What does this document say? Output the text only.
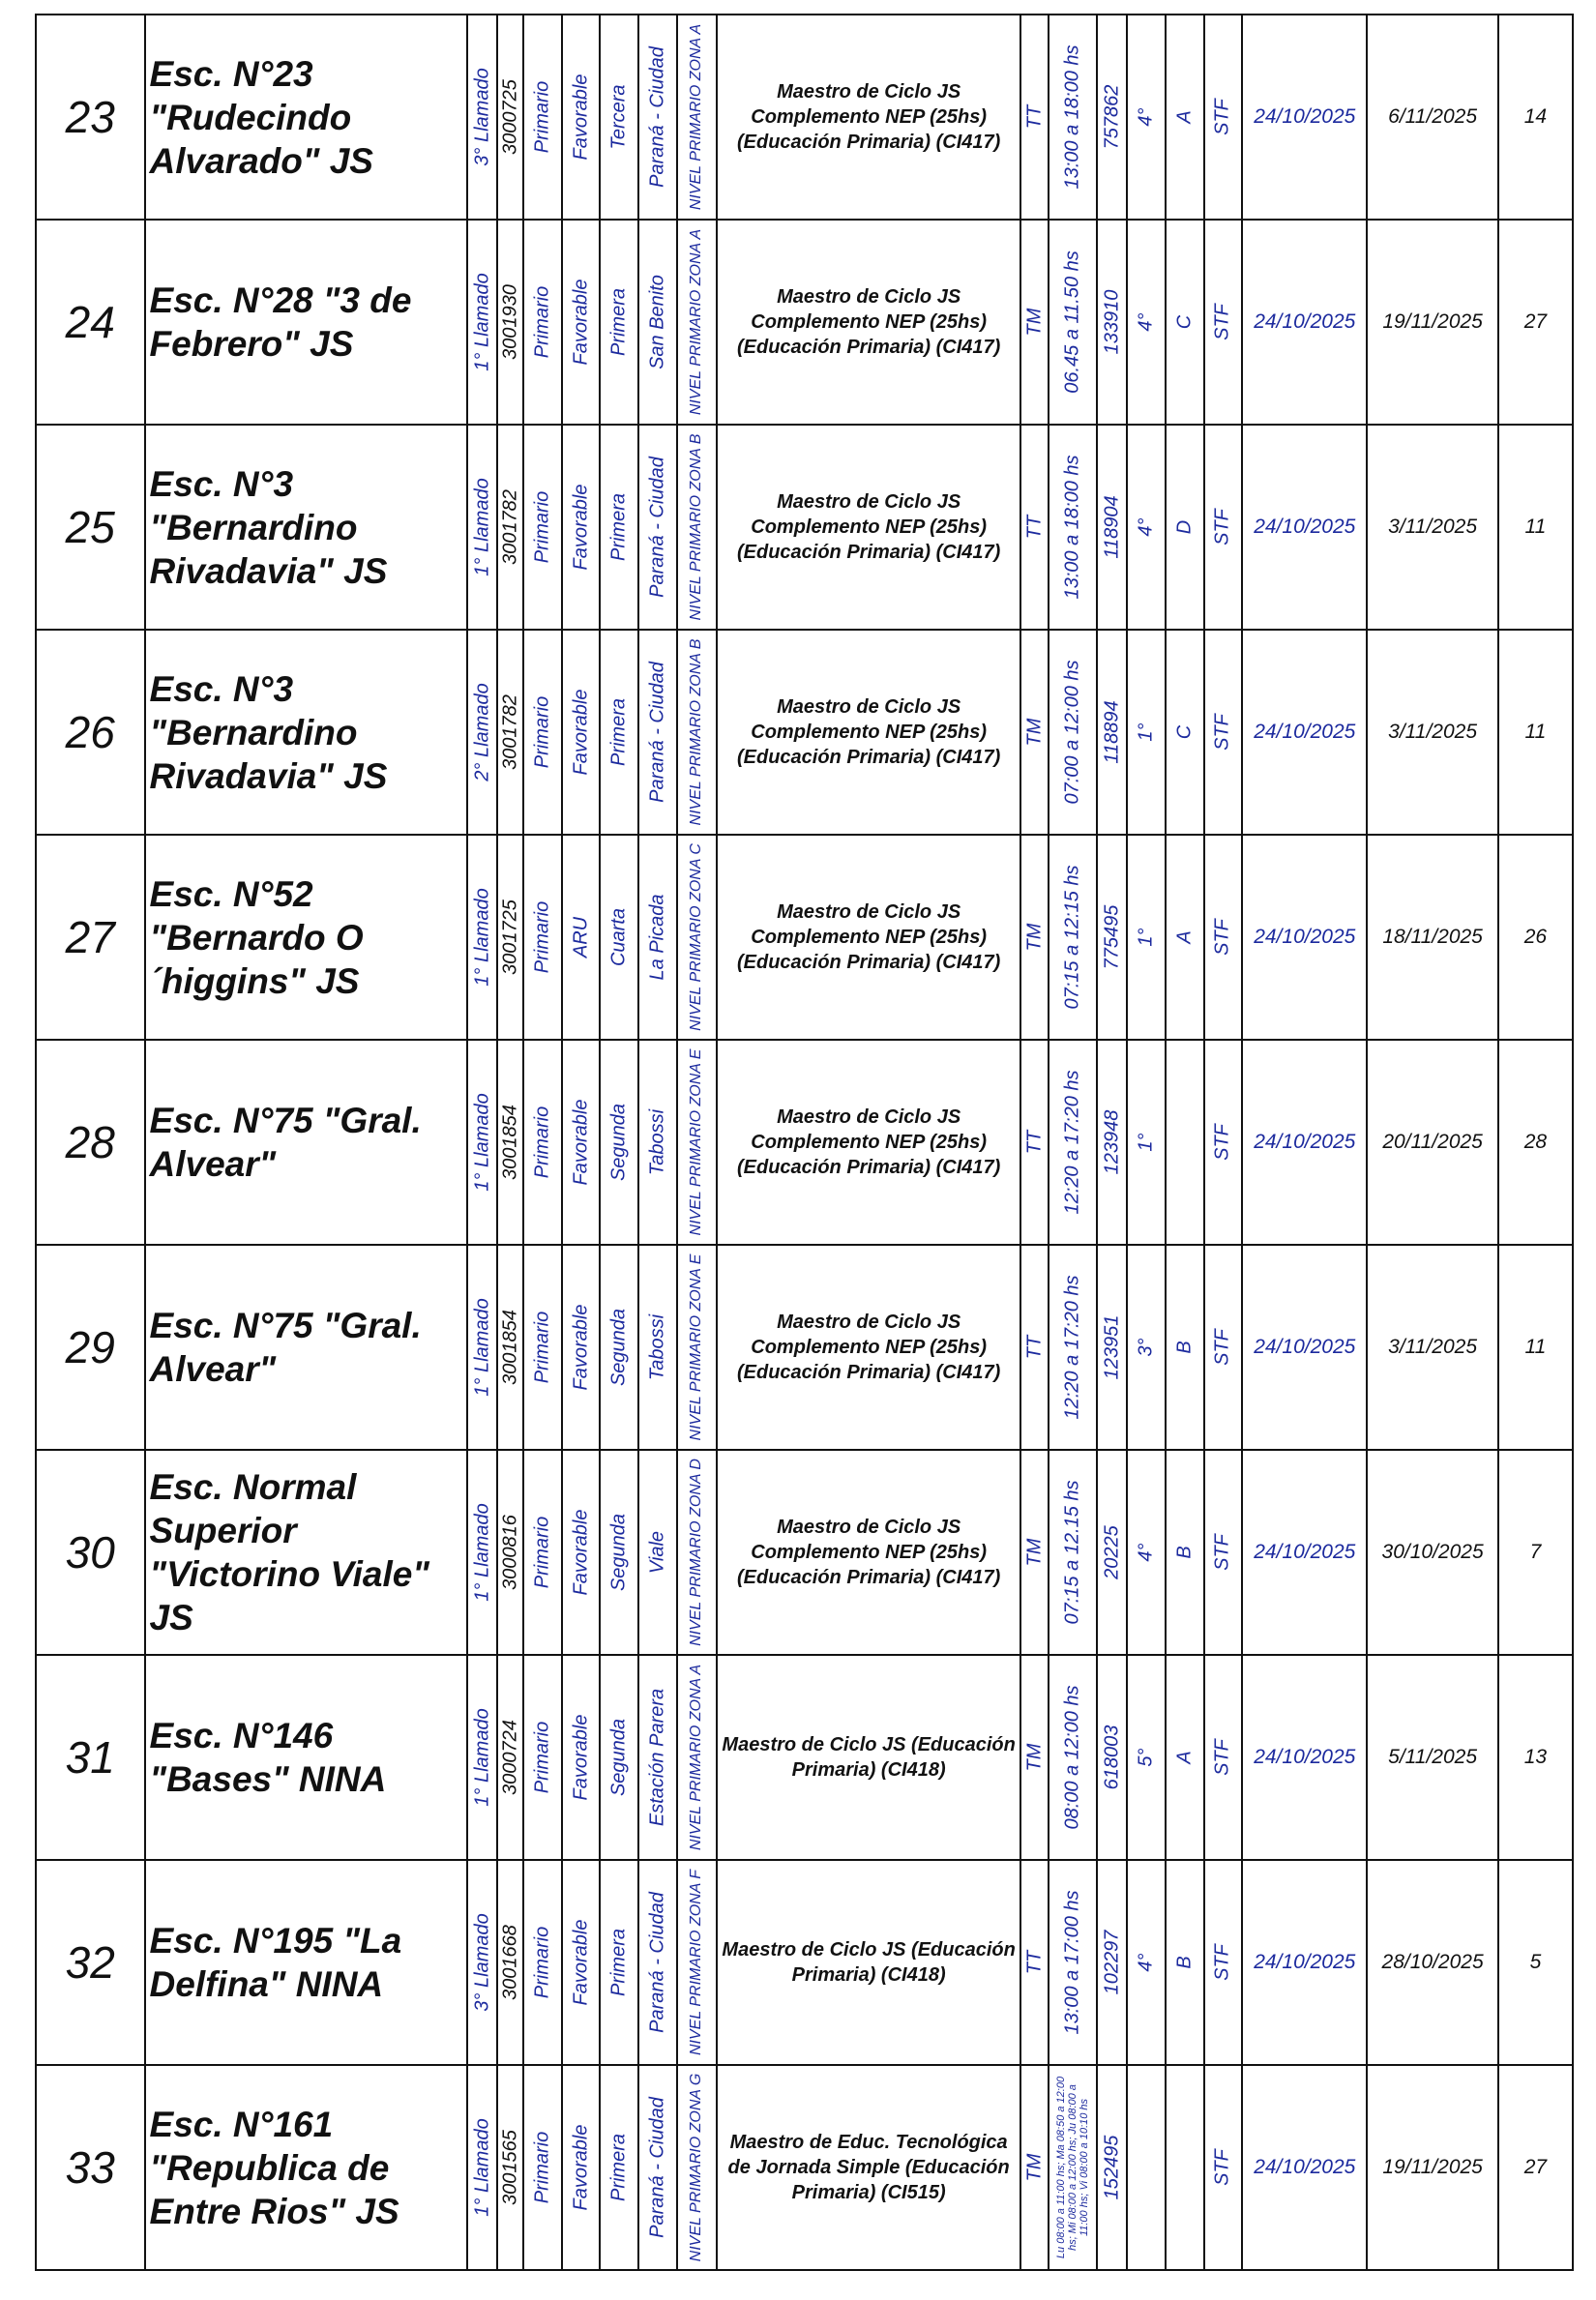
23	Esc. N°23 "Rudecindo Alvarado" JS	3° Llamado	3000725	Primario	Favorable	Tercera	Paraná - Ciudad	NIVEL PRIMARIO ZONA A	Maestro de Ciclo JS Complemento NEP (25hs) (Educación Primaria) (CI417)	TT	13:00 a 18:00 hs	757862	4°	A	STF	24/10/2025	6/11/2025	14
24	Esc. N°28 "3 de Febrero" JS	1° Llamado	3001930	Primario	Favorable	Primera	San Benito	NIVEL PRIMARIO ZONA A	Maestro de Ciclo JS Complemento NEP (25hs) (Educación Primaria) (CI417)	TM	06.45 a 11.50 hs	133910	4°	C	STF	24/10/2025	19/11/2025	27
25	Esc. N°3 "Bernardino Rivadavia" JS	1° Llamado	3001782	Primario	Favorable	Primera	Paraná - Ciudad	NIVEL PRIMARIO ZONA B	Maestro de Ciclo JS Complemento NEP (25hs) (Educación Primaria) (CI417)	TT	13:00 a 18:00 hs	118904	4°	D	STF	24/10/2025	3/11/2025	11
26	Esc. N°3 "Bernardino Rivadavia" JS	2° Llamado	3001782	Primario	Favorable	Primera	Paraná - Ciudad	NIVEL PRIMARIO ZONA B	Maestro de Ciclo JS Complemento NEP (25hs) (Educación Primaria) (CI417)	TM	07:00 a 12:00 hs	118894	1°	C	STF	24/10/2025	3/11/2025	11
27	Esc. N°52 "Bernardo O´higgins" JS	1° Llamado	3001725	Primario	ARU	Cuarta	La Picada	NIVEL PRIMARIO ZONA C	Maestro de Ciclo JS Complemento NEP (25hs) (Educación Primaria) (CI417)	TM	07:15 a 12:15 hs	775495	1°	A	STF	24/10/2025	18/11/2025	26
28	Esc. N°75 "Gral. Alvear"	1° Llamado	3001854	Primario	Favorable	Segunda	Tabossi	NIVEL PRIMARIO ZONA E	Maestro de Ciclo JS Complemento NEP (25hs) (Educación Primaria) (CI417)	TT	12:20 a 17:20 hs	123948	1°		STF	24/10/2025	20/11/2025	28
29	Esc. N°75 "Gral. Alvear"	1° Llamado	3001854	Primario	Favorable	Segunda	Tabossi	NIVEL PRIMARIO ZONA E	Maestro de Ciclo JS Complemento NEP (25hs) (Educación Primaria) (CI417)	TT	12:20 a 17:20 hs	123951	3°	B	STF	24/10/2025	3/11/2025	11
30	Esc. Normal Superior "Victorino Viale" JS	1° Llamado	3000816	Primario	Favorable	Segunda	Viale	NIVEL PRIMARIO ZONA D	Maestro de Ciclo JS Complemento NEP (25hs) (Educación Primaria) (CI417)	TM	07:15 a 12.15 hs	20225	4°	B	STF	24/10/2025	30/10/2025	7
31	Esc. N°146 "Bases" NINA	1° Llamado	3000724	Primario	Favorable	Segunda	Estación Parera	NIVEL PRIMARIO ZONA A	Maestro de Ciclo JS (Educación Primaria) (CI418)	TM	08:00 a 12:00 hs	618003	5°	A	STF	24/10/2025	5/11/2025	13
32	Esc. N°195 "La Delfina" NINA	3° Llamado	3001668	Primario	Favorable	Primera	Paraná - Ciudad	NIVEL PRIMARIO ZONA F	Maestro de Ciclo JS (Educación Primaria) (CI418)	TT	13:00 a 17:00 hs	102297	4°	B	STF	24/10/2025	28/10/2025	5
33	Esc. N°161 "Republica de Entre Rios" JS	1° Llamado	3001565	Primario	Favorable	Primera	Paraná - Ciudad	NIVEL PRIMARIO ZONA G	Maestro de Educ. Tecnológica de Jornada Simple (Educación Primaria) (CI515)	TM	Lu 08:00 a 11:00 hs; Ma 08:50 a 12:00 hs; Mi 08:00 a 12:00 hs; Ju 08:00 a 11:00 hs; Vi 08:00 a 10:10 hs	152495			STF	24/10/2025	19/11/2025	27
